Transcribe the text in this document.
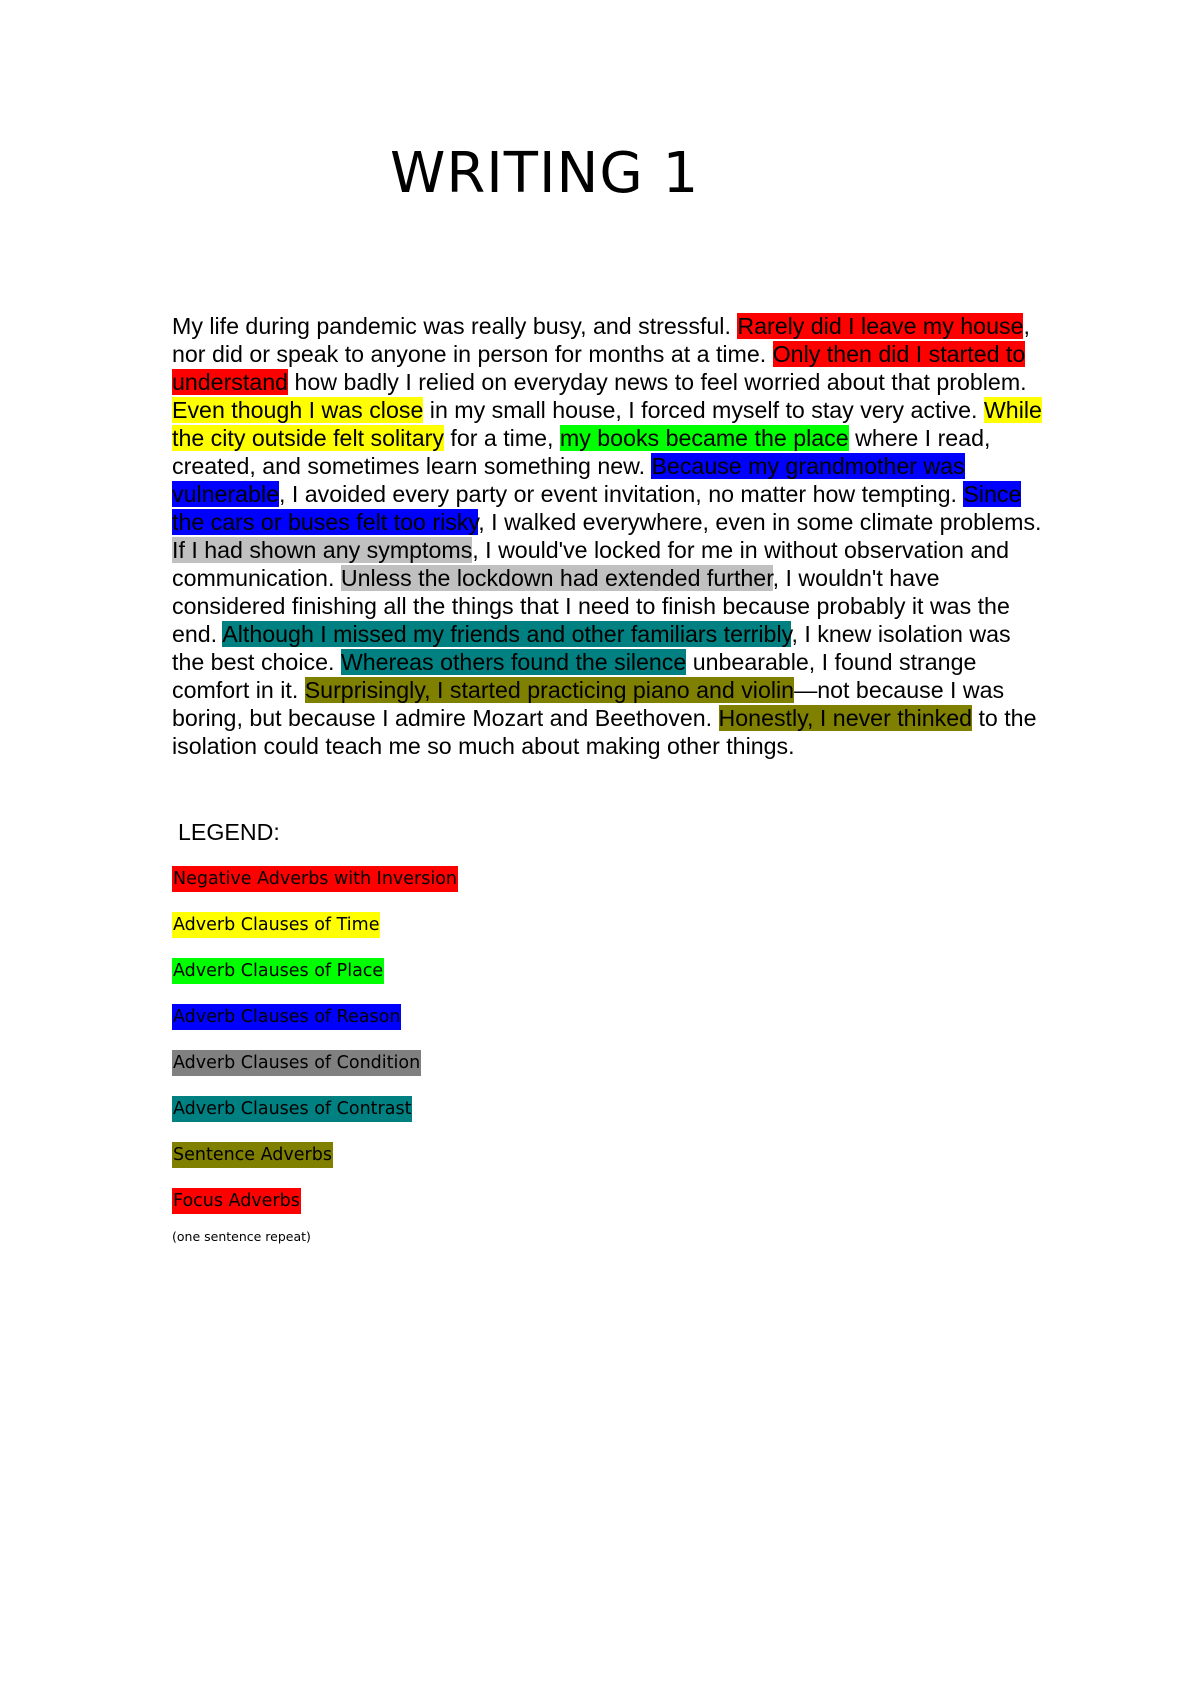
WRITING 1

My life during pandemic was really busy, and stressful. Rarely did I leave my house, nor did or speak to anyone in person for months at a time. Only then did I started to understand how badly I relied on everyday news to feel worried about that problem. Even though I was close in my small house, I forced myself to stay very active. While the city outside felt solitary for a time, my books became the place where I read, created, and sometimes learn something new. Because my grandmother was vulnerable, I avoided every party or event invitation, no matter how tempting. Since the cars or buses felt too risky, I walked everywhere, even in some climate problems. If I had shown any symptoms, I would've locked for me in without observation and communication. Unless the lockdown had extended further, I wouldn't have considered finishing all the things that I need to finish because probably it was the end. Although I missed my friends and other familiars terribly, I knew isolation was the best choice. Whereas others found the silence unbearable, I found strange comfort in it. Surprisingly, I started practicing piano and violin—not because I was boring, but because I admire Mozart and Beethoven. Honestly, I never thinked to the isolation could teach me so much about making other things.

LEGEND:

Negative Adverbs with Inversion
Adverb Clauses of Time
Adverb Clauses of Place
Adverb Clauses of Reason
Adverb Clauses of Condition
Adverb Clauses of Contrast
Sentence Adverbs
Focus Adverbs

(one sentence repeat)
